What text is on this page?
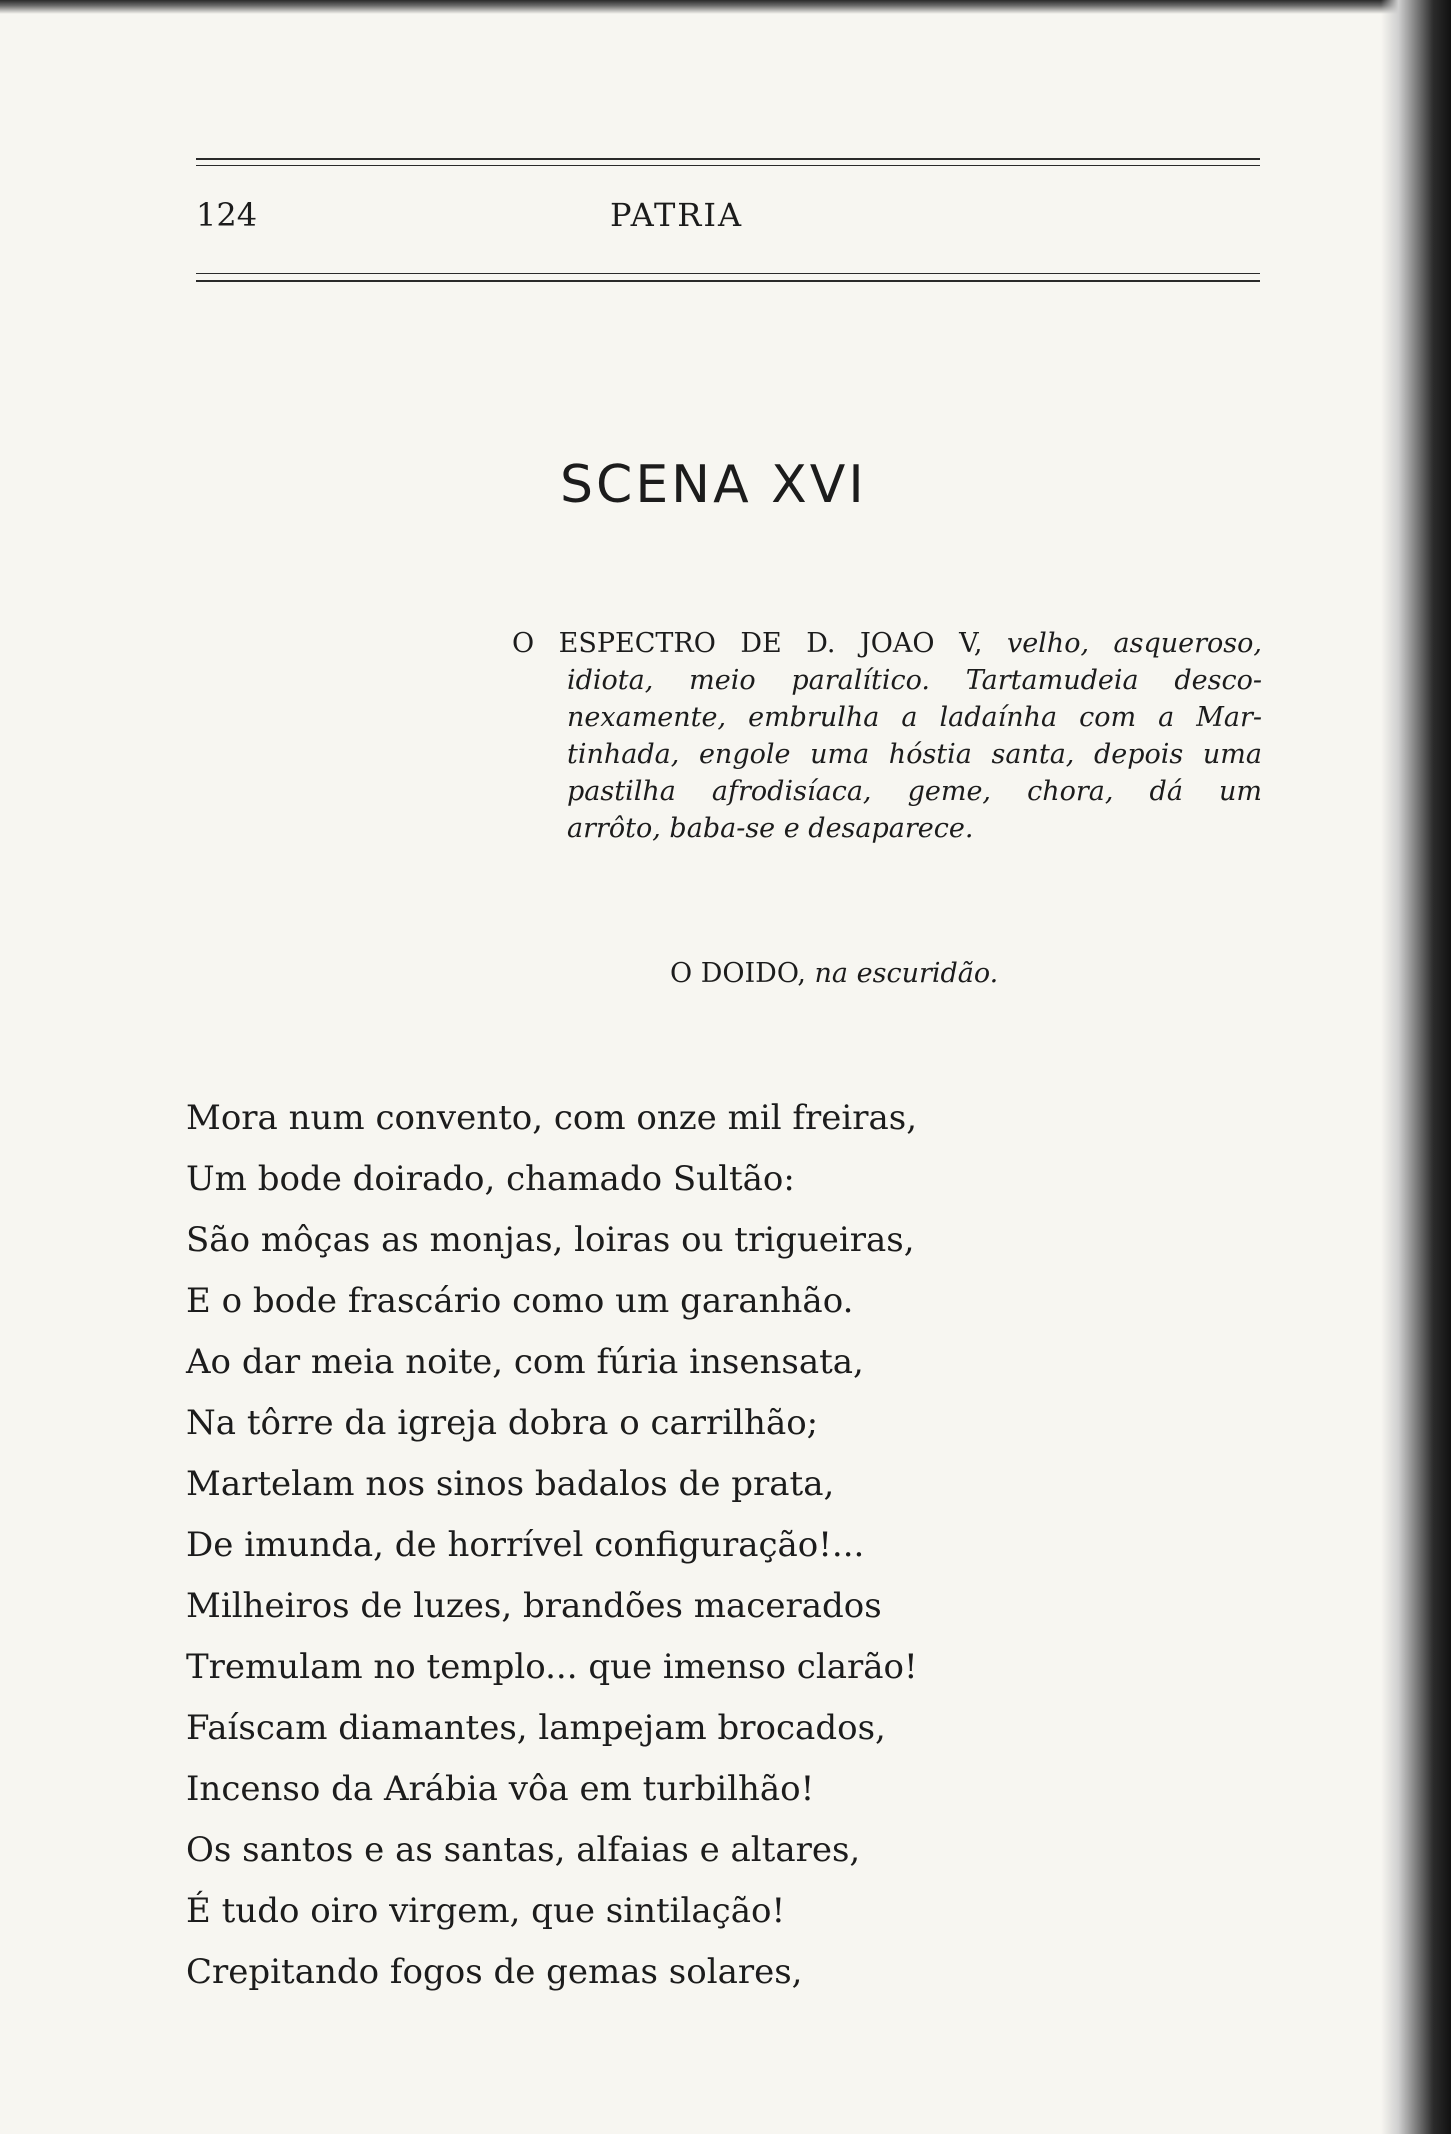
124	PATRIA
SCENA XVI
O ESPECTRO DE D. JOAO V, velho, asqueroso,
idiota, meio paralítico. Tartamudeia desco-
nexamente, embrulha a ladaínha com a Mar-
tinhada, engole uma hóstia santa, depois uma
pastilha afrodisíaca, geme, chora, dá um
arrôto, baba-se e desaparece.
O DOIDO, na escuridão.
Mora num convento, com onze mil freiras,
Um bode doirado, chamado Sultão:
São môças as monjas, loiras ou trigueiras,
E o bode frascário como um garanhão.
Ao dar meia noite, com fúria insensata,
Na tôrre da igreja dobra o carrilhão;
Martelam nos sinos badalos de prata,
De imunda, de horrível configuração!...
Milheiros de luzes, brandões macerados
Tremulam no templo... que imenso clarão!
Faíscam diamantes, lampejam brocados,
Incenso da Arábia vôa em turbilhão!
Os santos e as santas, alfaias e altares,
É tudo oiro virgem, que sintilação!
Crepitando fogos de gemas solares,
